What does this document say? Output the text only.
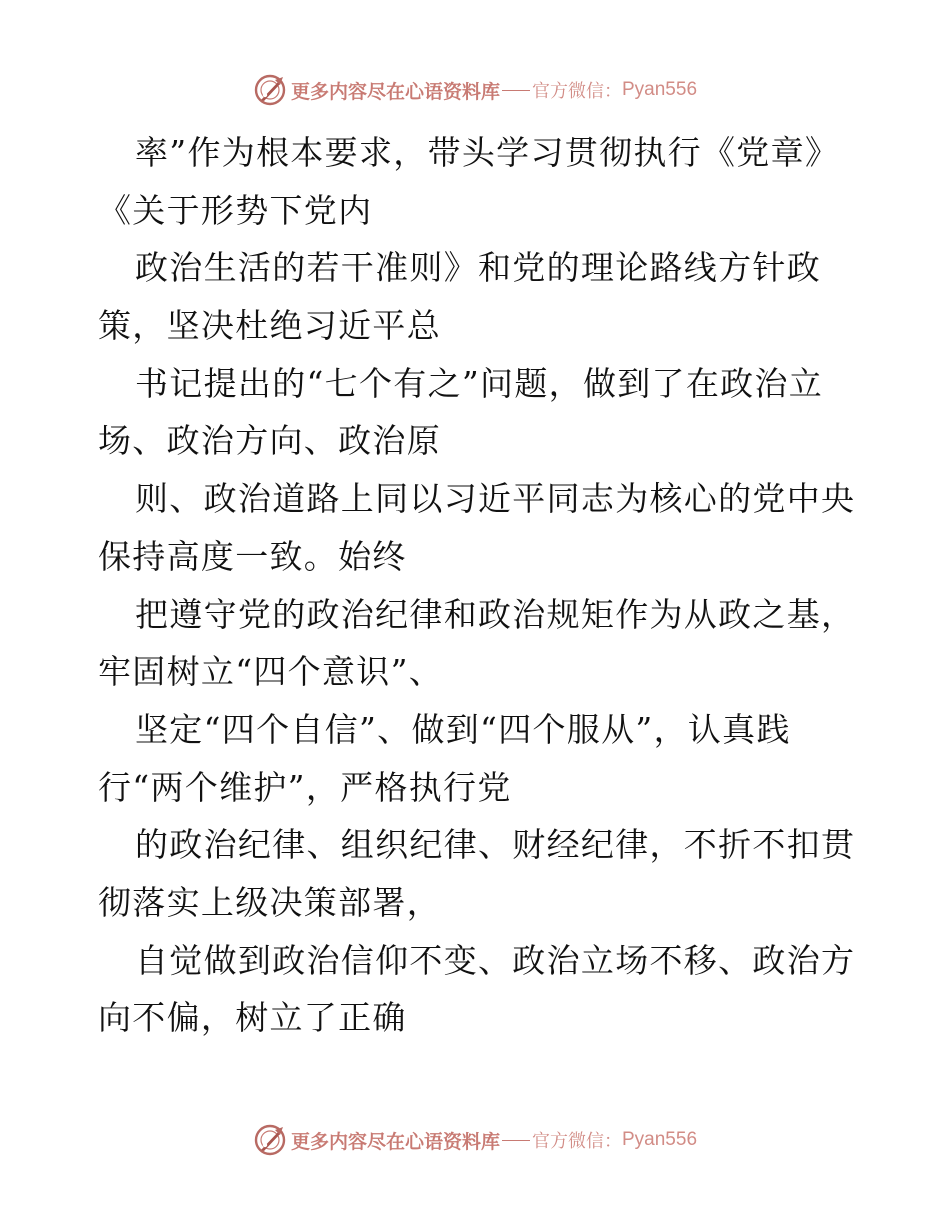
更多内容尽在心语资料库 官方微信： Pyan556
率”作为根本要求，带头学习贯彻执行《党章》
《关于形势下党内
政治生活的若干准则》和党的理论路线方针政
策，坚决杜绝习近平总
书记提出的“七个有之”问题，做到了在政治立
场、政治方向、政治原
则、政治道路上同以习近平同志为核心的党中央
保持高度一致。始终
把遵守党的政治纪律和政治规矩作为从政之基，
牢固树立“四个意识”、
坚定“四个自信”、做到“四个服从”，认真践
行“两个维护”，严格执行党
的政治纪律、组织纪律、财经纪律，不折不扣贯
彻落实上级决策部署，
自觉做到政治信仰不变、政治立场不移、政治方
向不偏，树立了正确
更多内容尽在心语资料库 官方微信： Pyan556
